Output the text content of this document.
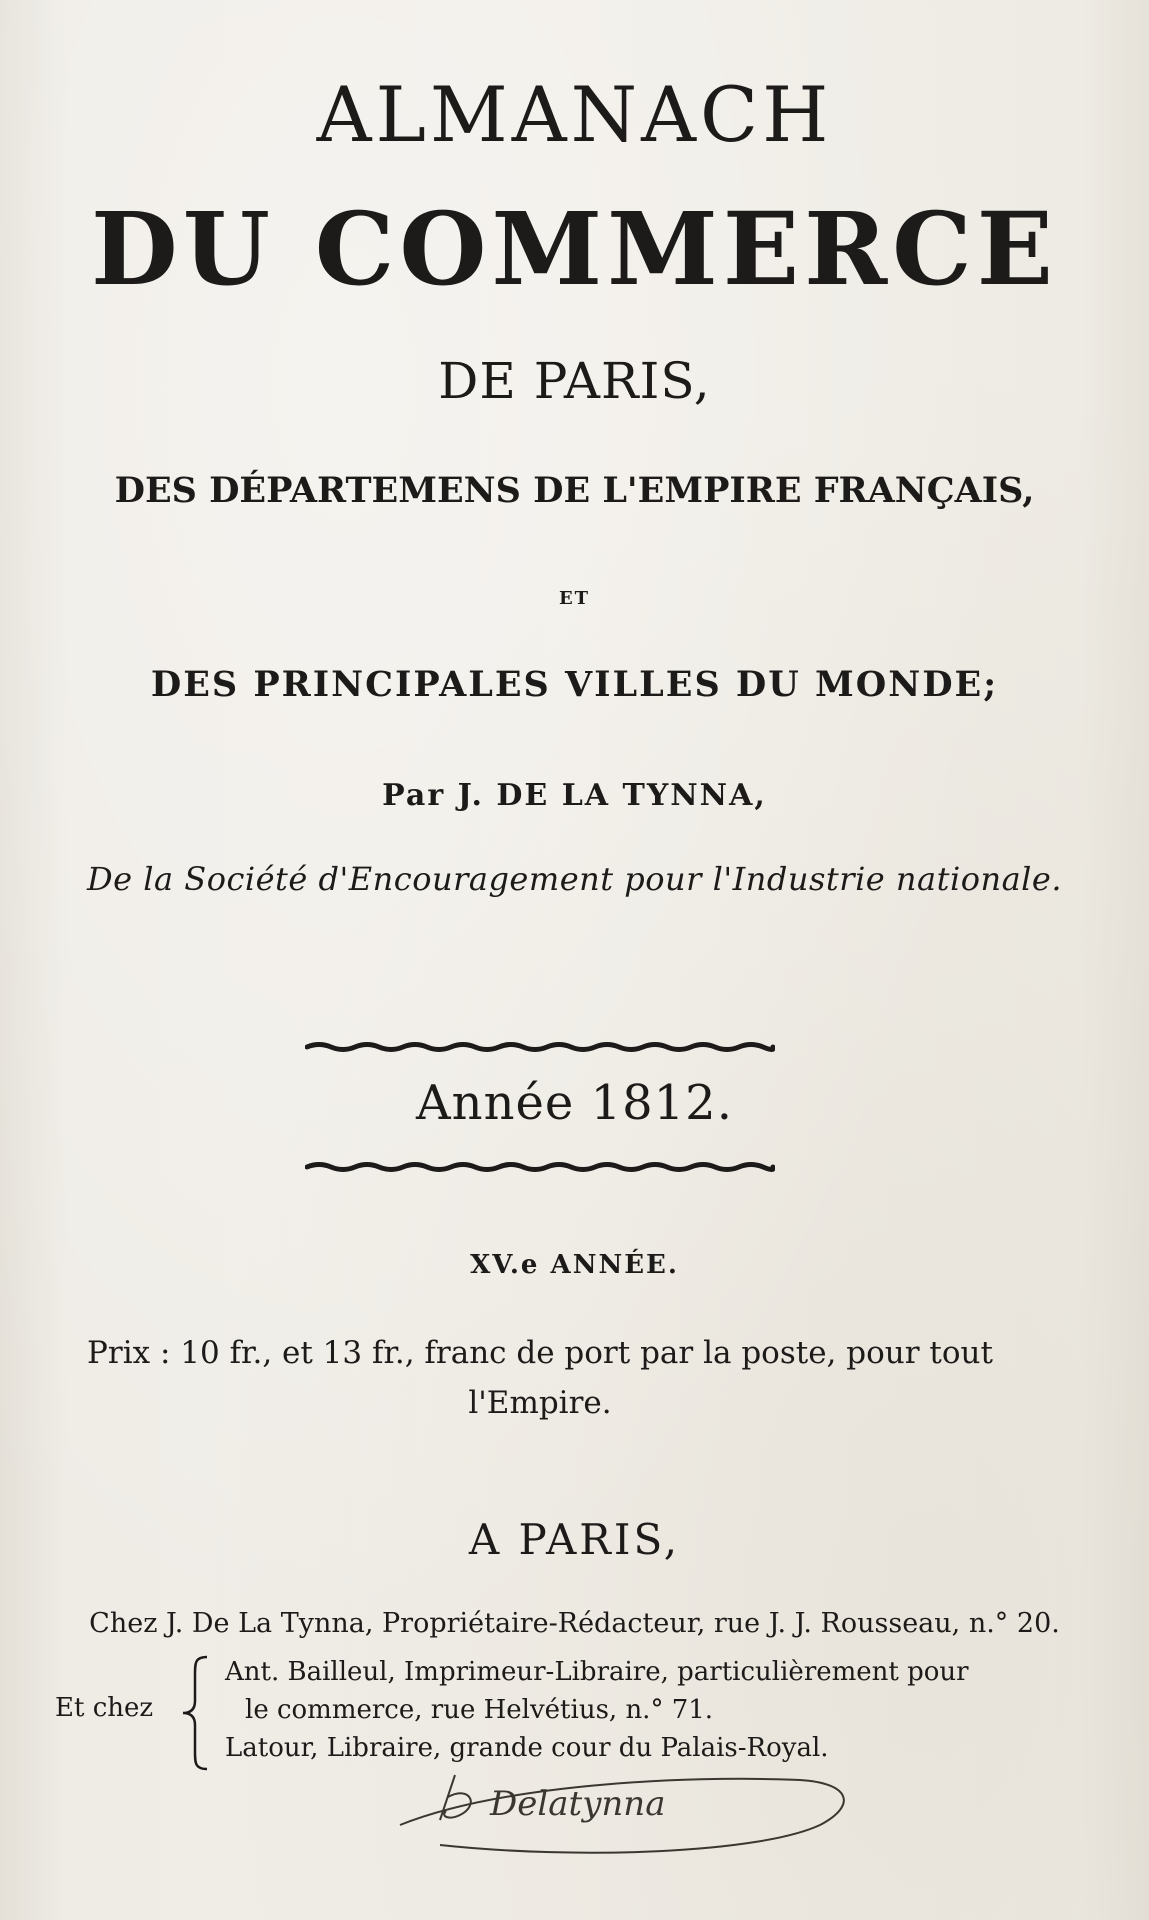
ALMANACH
DU COMMERCE
DE PARIS,
DES DÉPARTEMENS DE L'EMPIRE FRANÇAIS,
ET
DES PRINCIPALES VILLES DU MONDE;
Par J. DE LA TYNNA,
De la Société d'Encouragement pour l'Industrie nationale.
Année 1812.
XV.e ANNÉE.
Prix : 10 fr., et 13 fr., franc de port par la poste, pour tout l'Empire.
A PARIS,
Chez J. De La Tynna, Propriétaire-Rédacteur, rue J. J. Rousseau, n.° 20.
Et chez
Ant. Bailleul, Imprimeur-Libraire, particulièrement pour
le commerce, rue Helvétius, n.° 71.
Latour, Libraire, grande cour du Palais-Royal.
Delatynna
